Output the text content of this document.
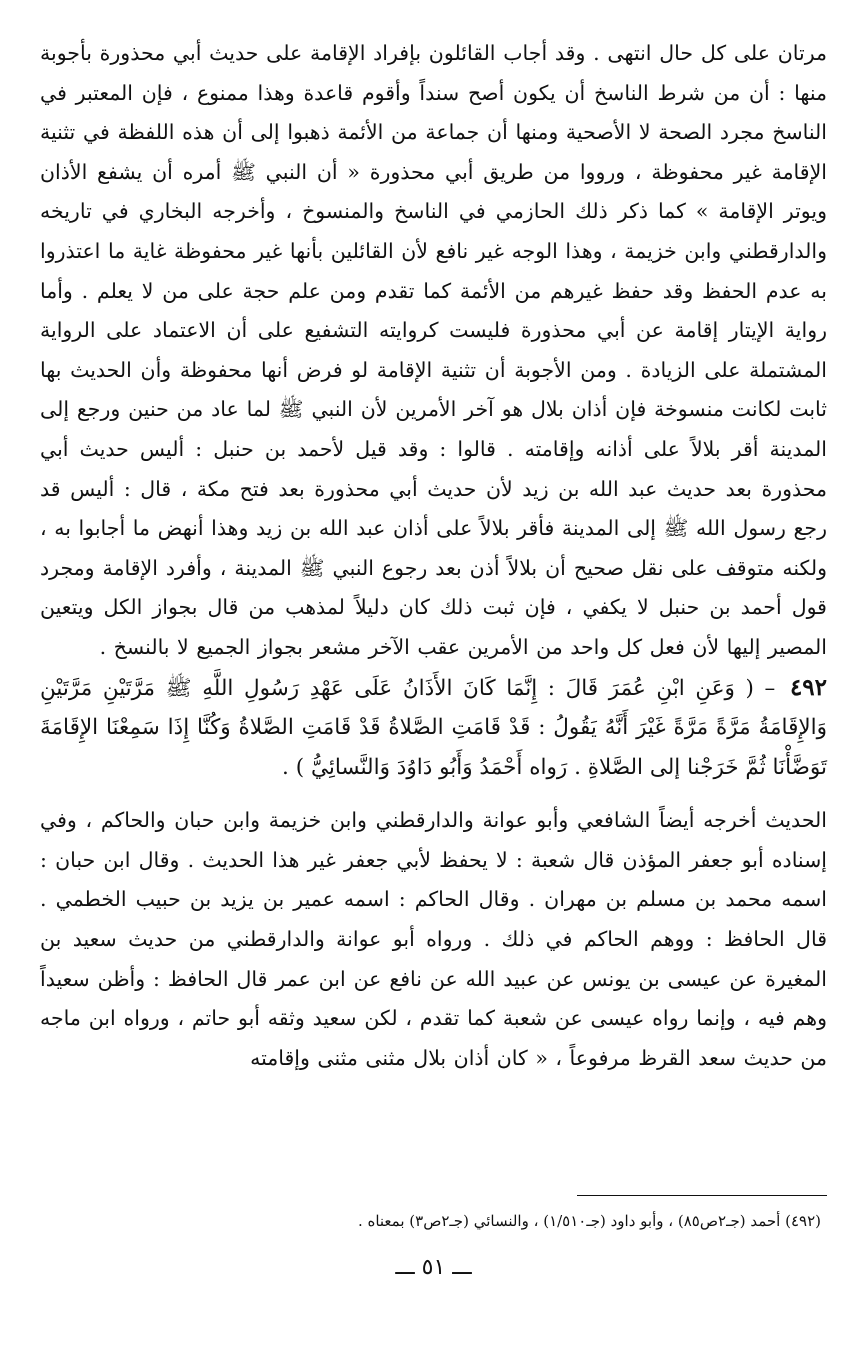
مرتان على كل حال انتهى . وقد أجاب القائلون بإفراد الإقامة على حديث أبي محذورة بأجوبة منها : أن من شرط الناسخ أن يكون أصح سنداً وأقوم قاعدة وهذا ممنوع ، فإن المعتبر في الناسخ مجرد الصحة لا الأصحية ومنها أن جماعة من الأئمة ذهبوا إلى أن هذه اللفظة في تثنية الإقامة غير محفوظة ، ورووا من طريق أبي محذورة « أن النبي ﷺ أمره أن يشفع الأذان ويوتر الإقامة » كما ذكر ذلك الحازمي في الناسخ والمنسوخ ، وأخرجه البخاري في تاريخه والدارقطني وابن خزيمة ، وهذا الوجه غير نافع لأن القائلين بأنها غير محفوظة غاية ما اعتذروا به عدم الحفظ وقد حفظ غيرهم من الأئمة كما تقدم ومن علم حجة على من لا يعلم . وأما رواية الإيتار إقامة عن أبي محذورة فليست كروايته التشفيع على أن الاعتماد على الرواية المشتملة على الزيادة . ومن الأجوبة أن تثنية الإقامة لو فرض أنها محفوظة وأن الحديث بها ثابت لكانت منسوخة فإن أذان بلال هو آخر الأمرين لأن النبي ﷺ لما عاد من حنين ورجع إلى المدينة أقر بلالاً على أذانه وإقامته . قالوا : وقد قيل لأحمد بن حنبل : أليس حديث أبي محذورة بعد حديث عبد الله بن زيد لأن حديث أبي محذورة بعد فتح مكة ، قال : أليس قد رجع رسول الله ﷺ إلى المدينة فأقر بلالاً على أذان عبد الله بن زيد وهذا أنهض ما أجابوا به ، ولكنه متوقف على نقل صحيح أن بلالاً أذن بعد رجوع النبي ﷺ المدينة ، وأفرد الإقامة ومجرد قول أحمد بن حنبل لا يكفي ، فإن ثبت ذلك كان دليلاً لمذهب من قال بجواز الكل ويتعين المصير إليها لأن فعل كل واحد من الأمرين عقب الآخر مشعر بجواز الجميع لا بالنسخ .

٤٩٢ – ( وَعَنِ ابْنِ عُمَرَ قَالَ : إِنَّمَا كَانَ الأَذَانُ عَلَى عَهْدِ رَسُولِ اللَّهِ ﷺ مَرَّتَيْنِ مَرَّتَيْنِ وَالإِقَامَةُ مَرَّةً مَرَّةً غَيْرَ أَنَّهُ يَقُولُ : قَدْ قَامَتِ الصَّلاةُ قَدْ قَامَتِ الصَّلاةُ وَكُنَّا إِذَا سَمِعْنَا الإِقَامَةَ تَوَضَّأْنَا ثُمَّ خَرَجْنا إلى الصَّلاةِ . رَواه أَحْمَدُ وَأَبُو دَاوُدَ وَالنَّسائِيُّ ) .

الحديث أخرجه أيضاً الشافعي وأبو عوانة والدارقطني وابن خزيمة وابن حبان والحاكم ، وفي إسناده أبو جعفر المؤذن قال شعبة : لا يحفظ لأبي جعفر غير هذا الحديث . وقال ابن حبان : اسمه محمد بن مسلم بن مهران . وقال الحاكم : اسمه عمير بن يزيد بن حبيب الخطمي . قال الحافظ : ووهم الحاكم في ذلك . ورواه أبو عوانة والدارقطني من حديث سعيد بن المغيرة عن عيسى بن يونس عن عبيد الله عن نافع عن ابن عمر قال الحافظ : وأظن سعيداً وهم فيه ، وإنما رواه عيسى عن شعبة كما تقدم ، لكن سعيد وثقه أبو حاتم ، ورواه ابن ماجه من حديث سعد القرظ مرفوعاً ، « كان أذان بلال مثنى مثنى وإقامته

(٤٩٢) أحمد (جـ٢ص٨٥) ، وأبو داود (جـ١/٥١٠) ، والنسائي (جـ٢ص٣) بمعناه .

ـــ ٥١ ـــ
